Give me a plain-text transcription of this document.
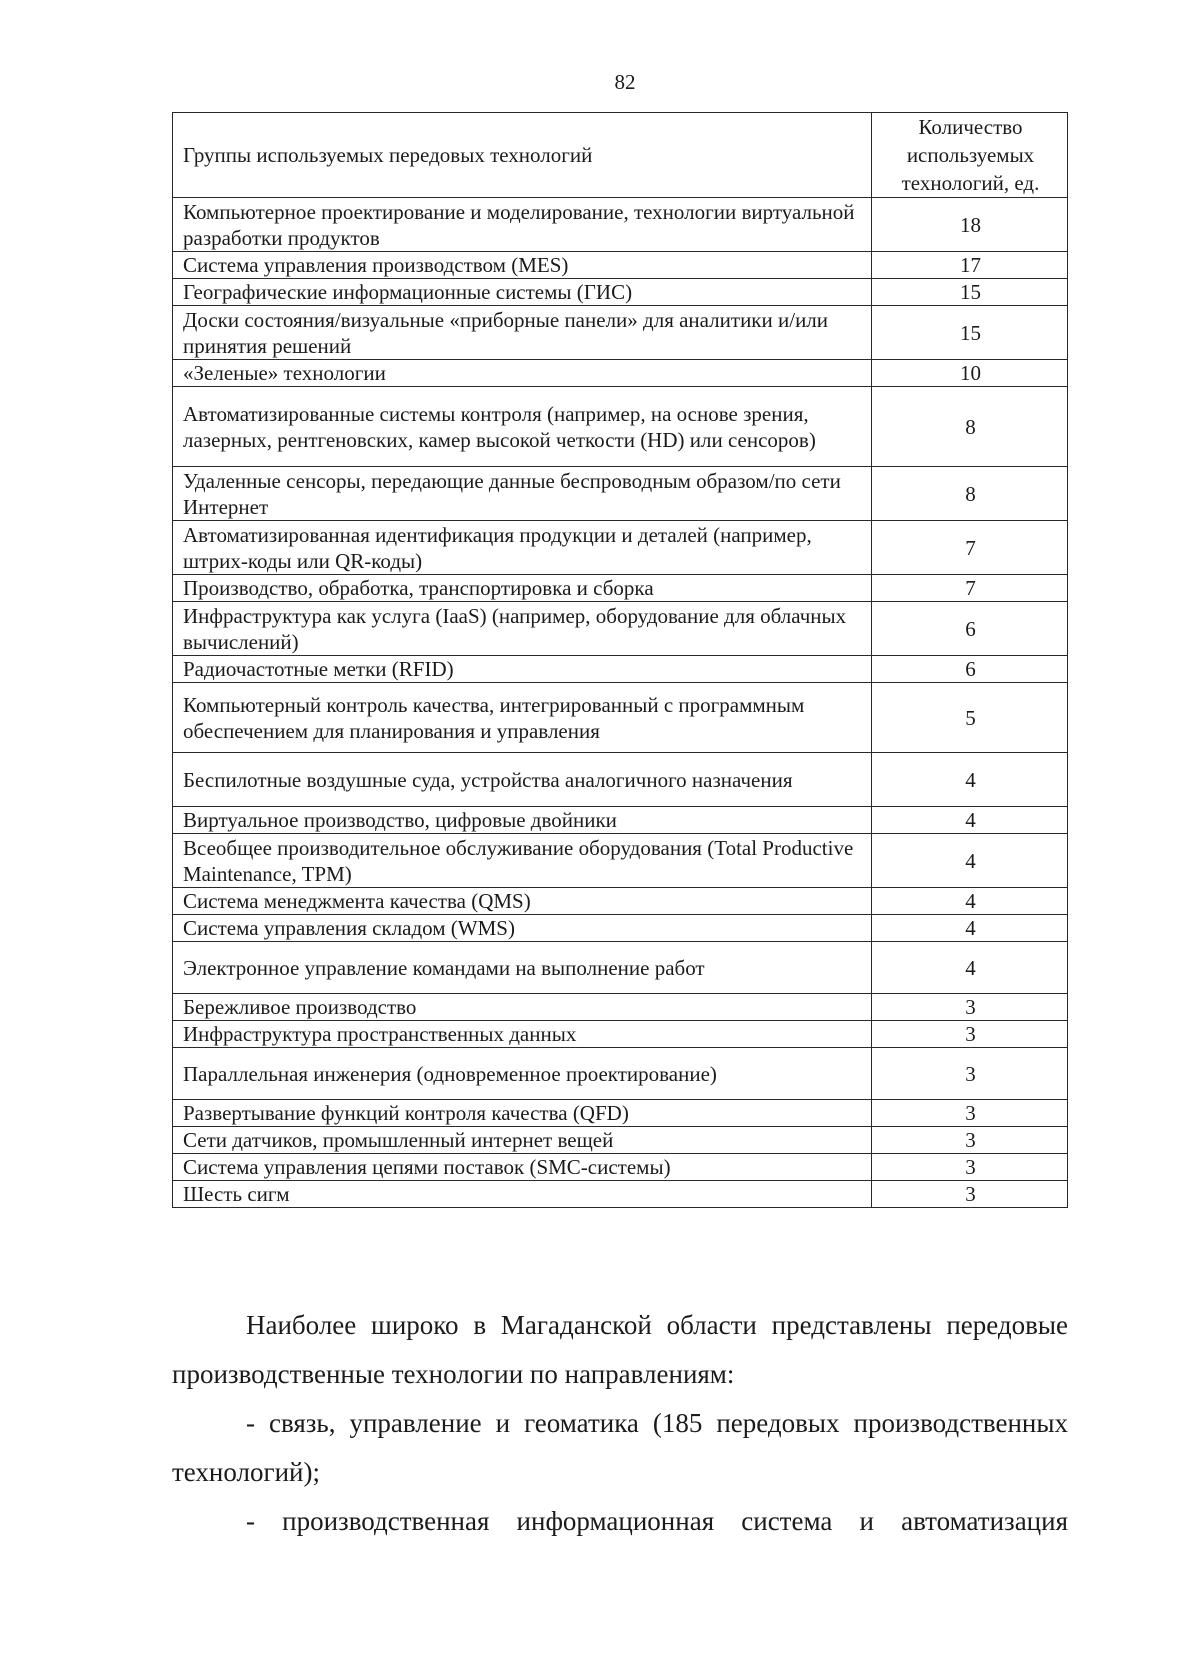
82
Группы используемых передовых технологий	Количество используемых технологий, ед.
Компьютерное проектирование и моделирование, технологии виртуальной разработки продуктов	18
Система управления производством (MES)	17
Географические информационные системы (ГИС)	15
Доски состояния/визуальные «приборные панели» для аналитики и/или принятия решений	15
«Зеленые» технологии	10
Автоматизированные системы контроля (например, на основе зрения, лазерных, рентгеновских, камер высокой четкости (HD) или сенсоров)	8
Удаленные сенсоры, передающие данные беспроводным образом/по сети Интернет	8
Автоматизированная идентификация продукции и деталей (например, штрих-коды или QR-коды)	7
Производство, обработка, транспортировка и сборка	7
Инфраструктура как услуга (IaaS) (например, оборудование для облачных вычислений)	6
Радиочастотные метки (RFID)	6
Компьютерный контроль качества, интегрированный с программным обеспечением для планирования и управления	5
Беспилотные воздушные суда, устройства аналогичного назначения	4
Виртуальное производство, цифровые двойники	4
Всеобщее производительное обслуживание оборудования (Total Productive Maintenance, TPM)	4
Система менеджмента качества (QMS)	4
Система управления складом (WMS)	4
Электронное управление командами на выполнение работ	4
Бережливое производство	3
Инфраструктура пространственных данных	3
Параллельная инженерия (одновременное проектирование)	3
Развертывание функций контроля качества (QFD)	3
Сети датчиков, промышленный интернет вещей	3
Система управления цепями поставок (SMC-системы)	3
Шесть сигм	3

Наиболее широко в Магаданской области представлены передовые производственные технологии по направлениям:

- связь, управление и геоматика (185 передовых производственных технологий);

- производственная информационная система и автоматизация
